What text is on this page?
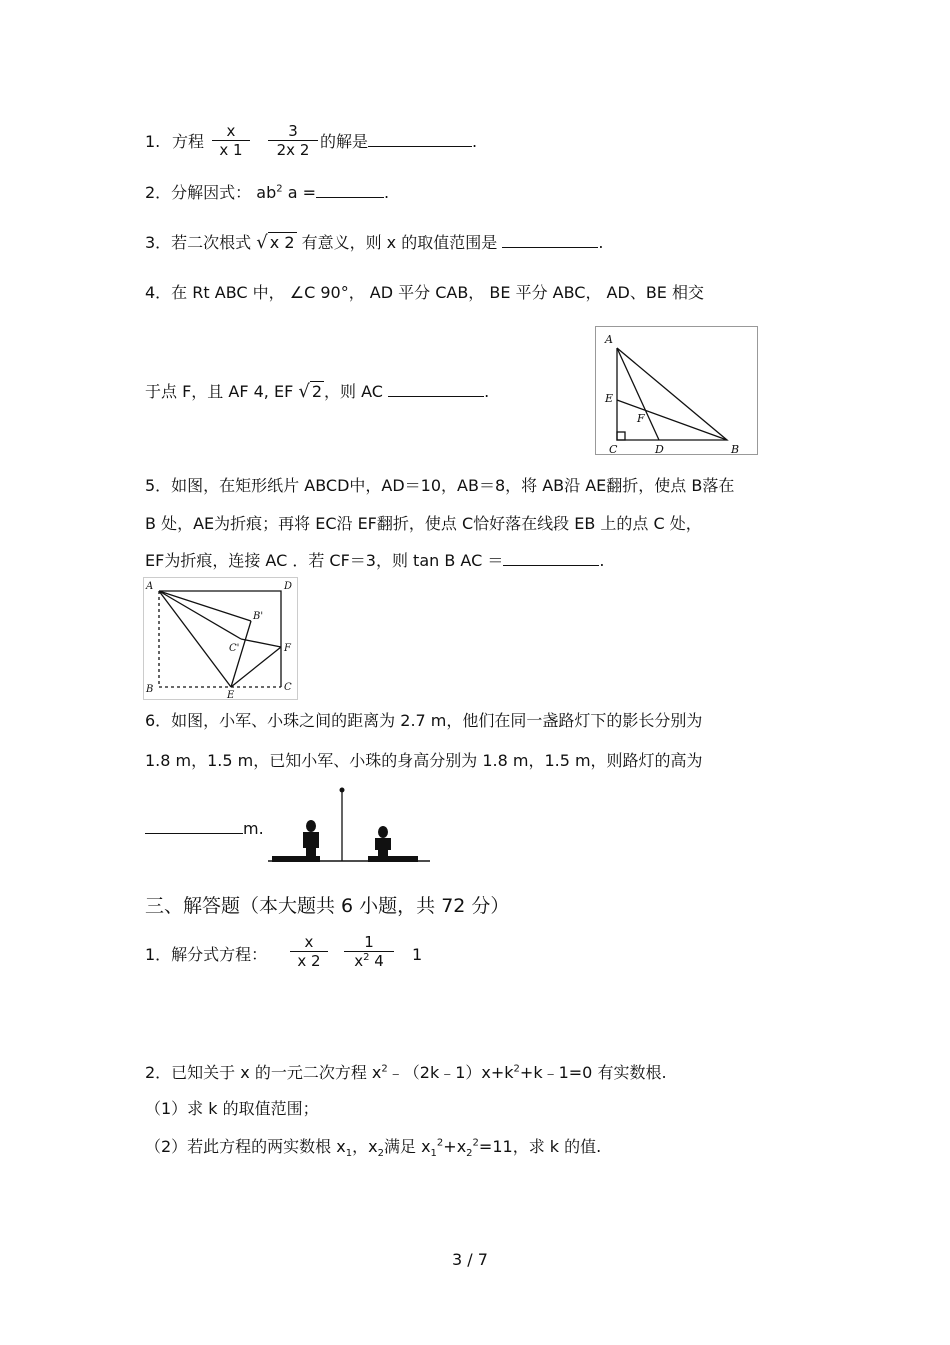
1. 方程 $\frac{x}{x 1} \frac{3}{2x 2}$ 的解是	.
2．分解因式： $ab^2$ a =	.
3．若二次根式 √ x 2 有意义，则 x 的取值范围是	.
4．在 Rt ABC 中， ∠C 90°， AD 平分 CAB， BE 平分 ABC， AD、BE 相交
于点 F，且 AF 4, EF √ 2 ，则 AC	.
A
E
F
C	D	B
5．如图，在矩形纸片 ABCD中，AD＝10，AB＝8，将 AB沿 AE翻折，使点 B落在
B 处，AE为折痕；再将 EC沿 EF翻折，使点 C恰好落在线段 EB 上的点 C 处，
EF为折痕，连接 AC ．若 CF＝3，则 tan B AC ＝	.
A	D
B'
C'	F
B
E
C
6．如图，小军、小珠之间的距离为 2.7 m，他们在同一盏路灯下的影长分别为
1.8 m，1.5 m，已知小军、小珠的身高分别为 1.8 m，1.5 m，则路灯的高为
m.
三、解答题（本大题共 6 小题，共 72 分）
1．解分式方程： $\frac{x}{x 2} \frac{1}{x^2 4} 1$
2．已知关于 x 的一元二次方程 $x^2﹣(2k﹣1)x+k^2+k﹣1=0$ 有实数根.
（1）求 k 的取值范围；
（2）若此方程的两实数根 $x_1$，$x_2$满足 $x_1^2+x_2^2=11$，求 k 的值.
3 / 7
